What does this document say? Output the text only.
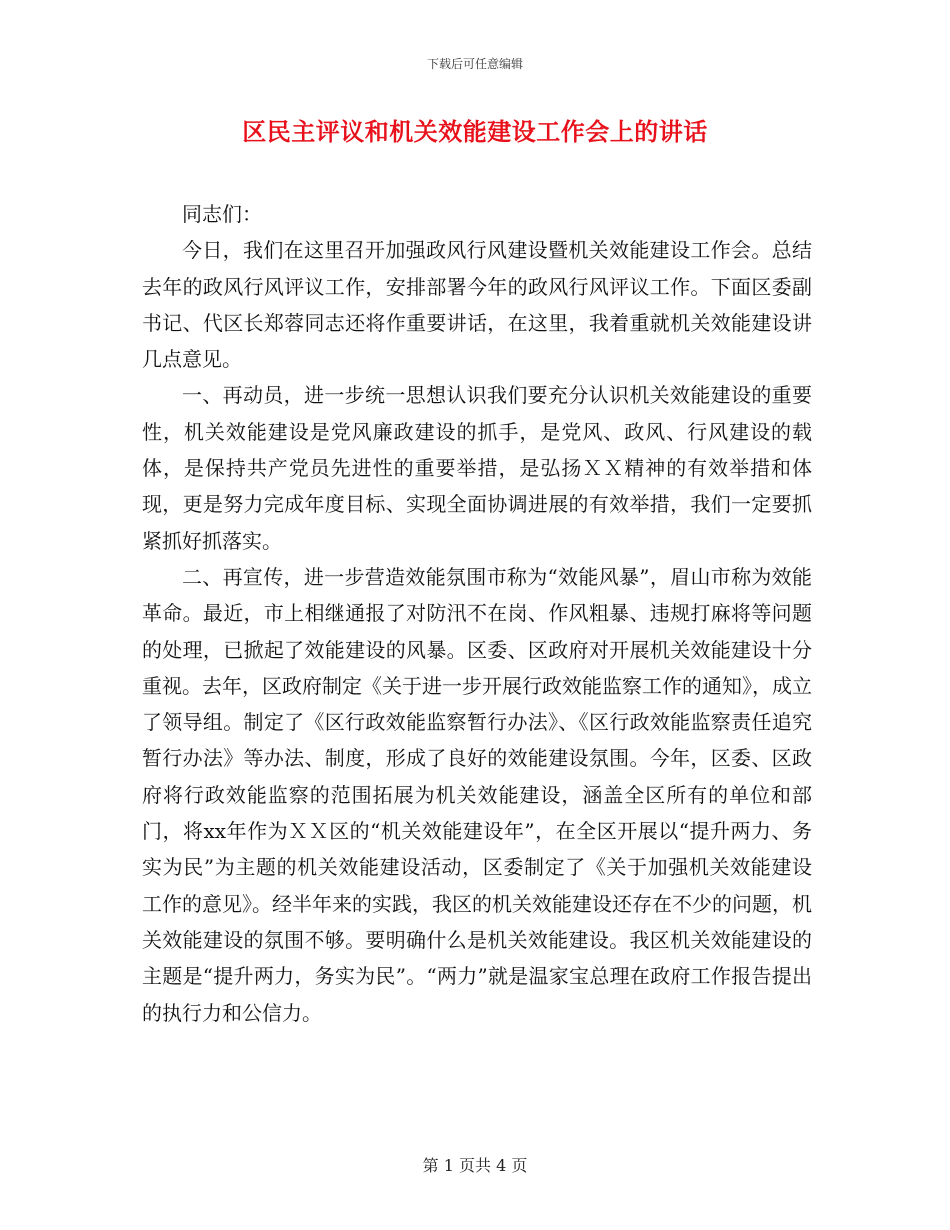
下载后可任意编辑
区民主评议和机关效能建设工作会上的讲话

同志们：

今日，我们在这里召开加强政风行风建设暨机关效能建设工作会。总结去年的政风行风评议工作，安排部署今年的政风行风评议工作。下面区委副书记、代区长郑蓉同志还将作重要讲话，在这里，我着重就机关效能建设讲几点意见。

一、再动员，进一步统一思想认识我们要充分认识机关效能建设的重要性，机关效能建设是党风廉政建设的抓手，是党风、政风、行风建设的载体，是保持共产党员先进性的重要举措，是弘扬ＸＸ精神的有效举措和体现，更是努力完成年度目标、实现全面协调进展的有效举措，我们一定要抓紧抓好抓落实。

二、再宣传，进一步营造效能氛围市称为“效能风暴”，眉山市称为效能革命。最近，市上相继通报了对防汛不在岗、作风粗暴、违规打麻将等问题的处理，已掀起了效能建设的风暴。区委、区政府对开展机关效能建设十分重视。去年，区政府制定《关于进一步开展行政效能监察工作的通知》，成立了领导组。制定了《区行政效能监察暂行办法》、《区行政效能监察责任追究暂行办法》等办法、制度，形成了良好的效能建设氛围。今年，区委、区政府将行政效能监察的范围拓展为机关效能建设，涵盖全区所有的单位和部门，将xx年作为ＸＸ区的“机关效能建设年”，在全区开展以“提升两力、务实为民”为主题的机关效能建设活动，区委制定了《关于加强机关效能建设工作的意见》。经半年来的实践，我区的机关效能建设还存在不少的问题，机关效能建设的氛围不够。要明确什么是机关效能建设。我区机关效能建设的主题是“提升两力，务实为民”。“两力”就是温家宝总理在政府工作报告提出的执行力和公信力。

第 1 页共 4 页
